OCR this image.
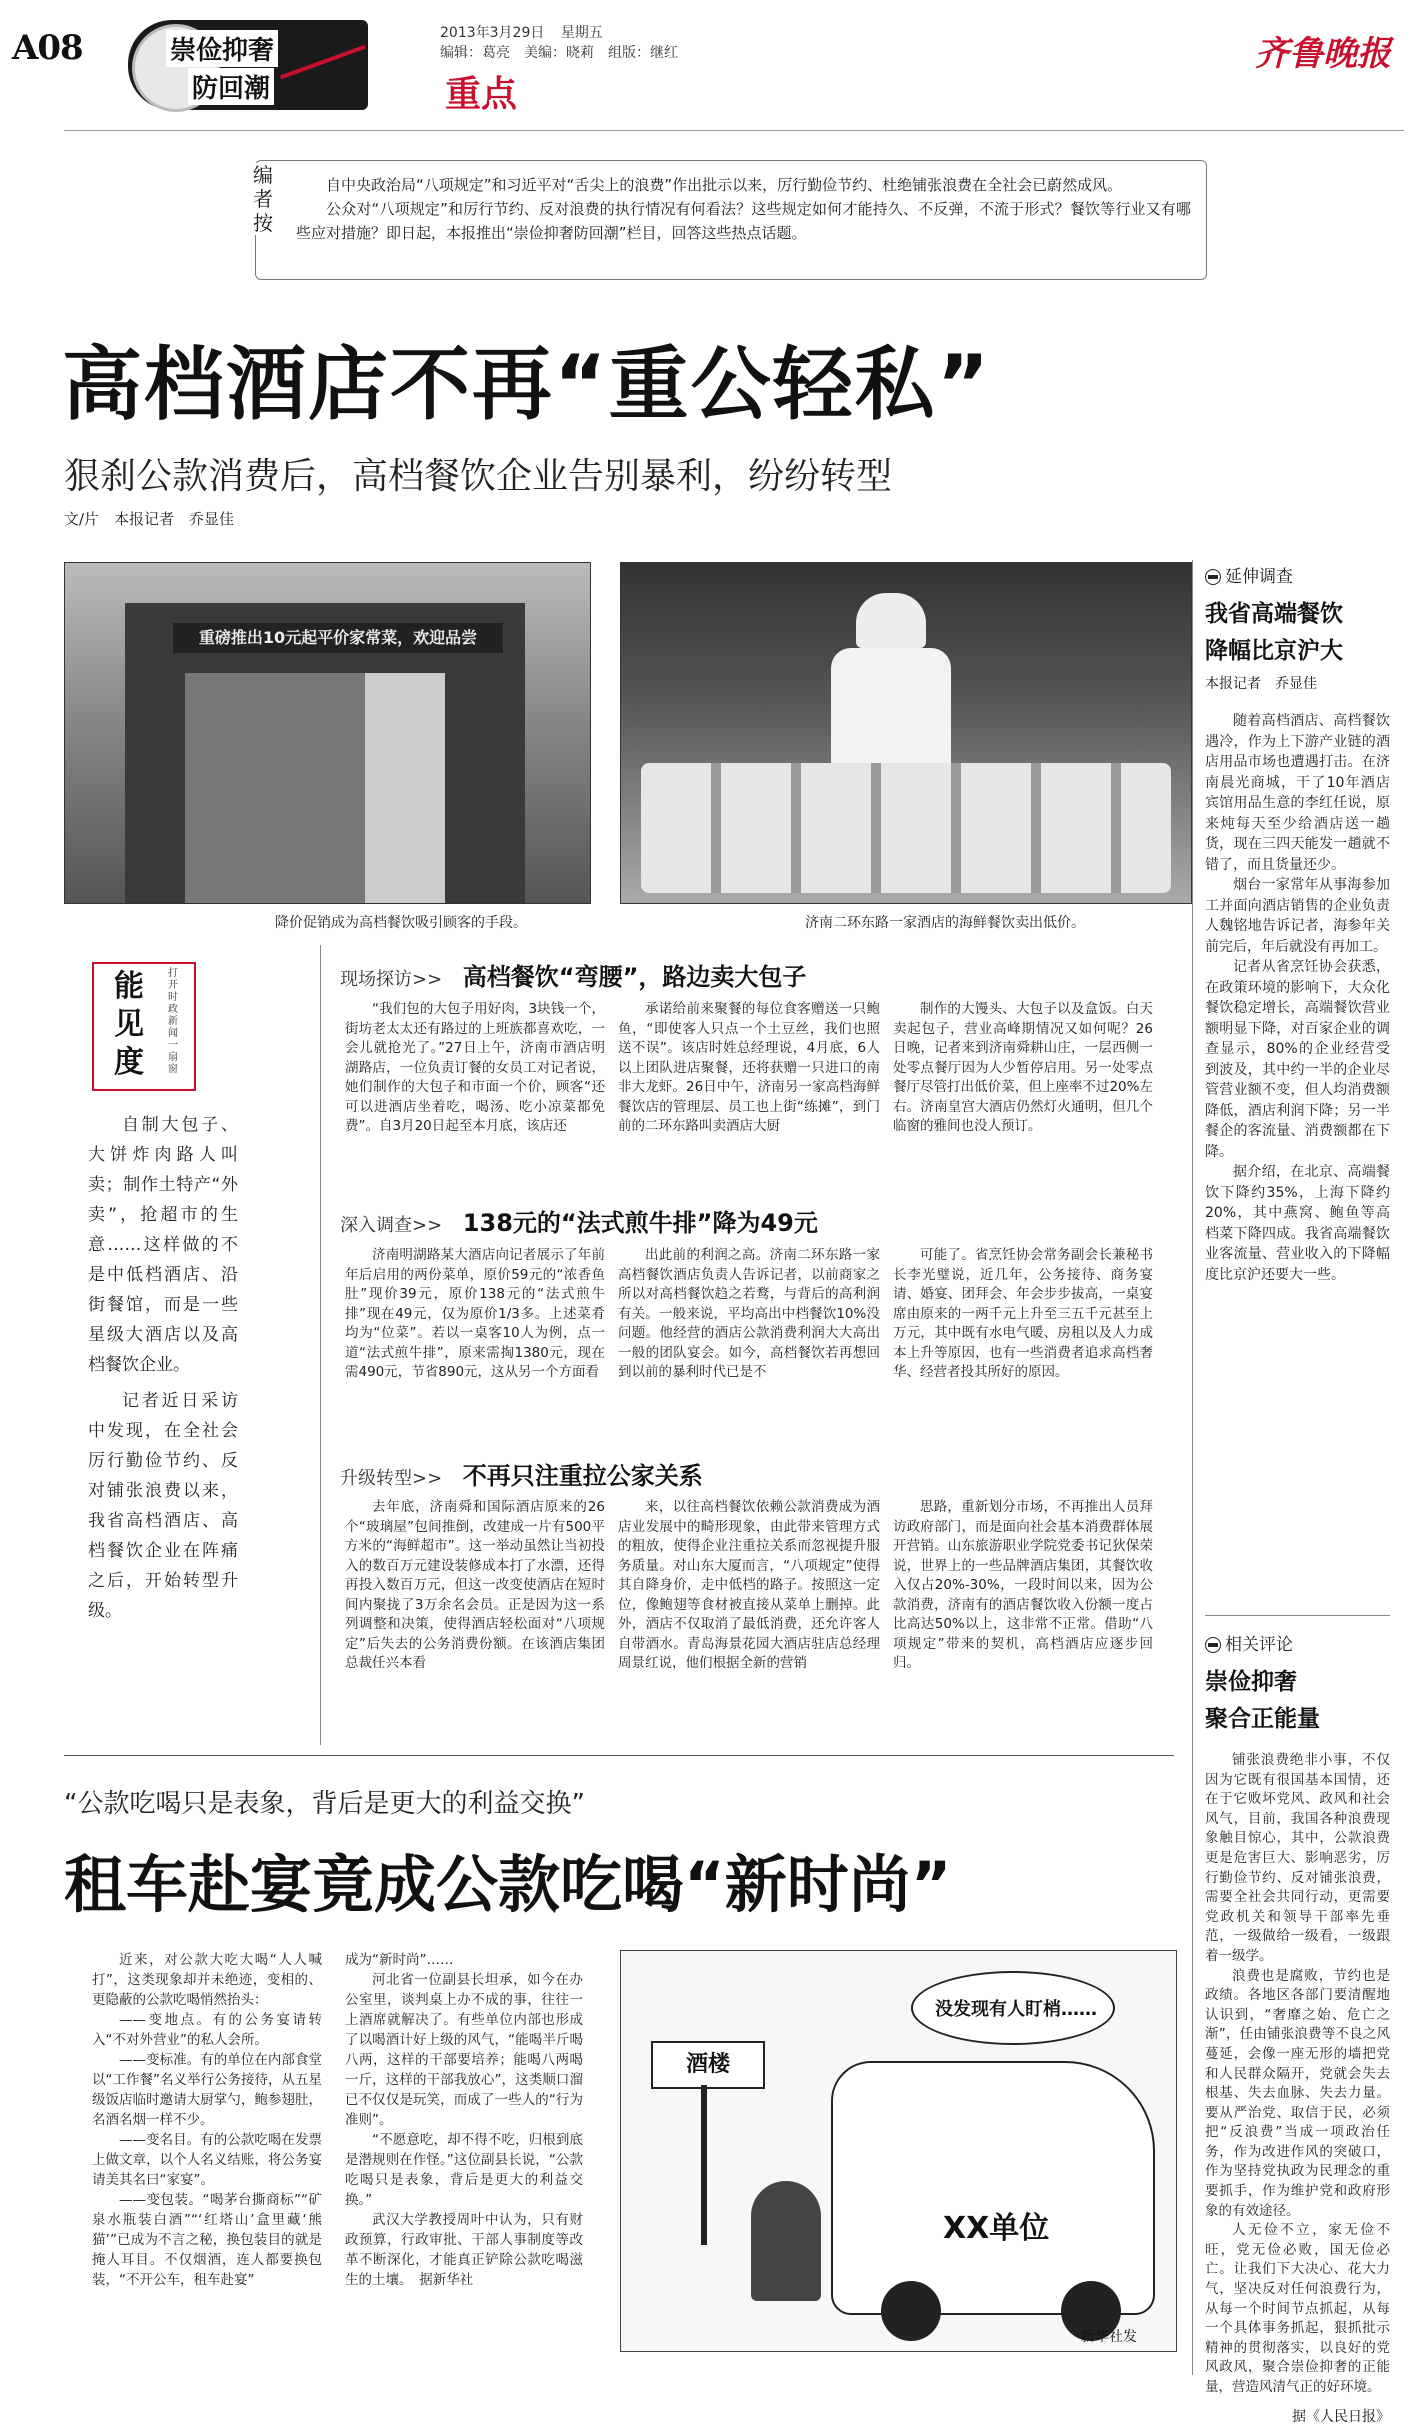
A08	崇俭抑奢
防回潮
2013年3月29日 星期五
编辑：葛亮　美编：晓莉　组版：继红
重点
齐鲁晚报
编者按

自中央政治局“八项规定”和习近平对“舌尖上的浪费”作出批示以来，厉行勤俭节约、杜绝铺张浪费在全社会已蔚然成风。

公众对“八项规定”和厉行节约、反对浪费的执行情况有何看法？这些规定如何才能持久、不反弹，不流于形式？餐饮等行业又有哪些应对措施？即日起，本报推出“崇俭抑奢防回潮”栏目，回答这些热点话题。

高档酒店不再“重公轻私”
狠刹公款消费后，高档餐饮企业告别暴利，纷纷转型
文/片　本报记者　乔显佳
重磅推出10元起平价家常菜，欢迎品尝
降价促销成为高档餐饮吸引顾客的手段。	济南二环东路一家酒店的海鲜餐饮卖出低价。
能见度
打开时政新闻一扇窗

自制大包子、大饼炸肉路人叫卖；制作土特产“外卖”，抢超市的生意……这样做的不是中低档酒店、沿街餐馆，而是一些星级大酒店以及高档餐饮企业。

记者近日采访中发现，在全社会厉行勤俭节约、反对铺张浪费以来，我省高档酒店、高档餐饮企业在阵痛之后，开始转型升级。

现场探访>> 高档餐饮“弯腰”，路边卖大包子

“我们包的大包子用好肉，3块钱一个，街坊老太太还有路过的上班族都喜欢吃，一会儿就抢光了。”27日上午，济南市酒店明湖路店，一位负责订餐的女员工对记者说，她们制作的大包子和市面一个价，顾客“还可以进酒店坐着吃，喝汤、吃小凉菜都免费”。自3月20日起至本月底，该店还

承诺给前来聚餐的每位食客赠送一只鲍鱼，“即使客人只点一个土豆丝，我们也照送不误”。该店时姓总经理说，4月底，6人以上团队进店聚餐，还将获赠一只进口的南非大龙虾。26日中午，济南另一家高档海鲜餐饮店的管理层、员工也上街“练摊”，到门前的二环东路叫卖酒店大厨

制作的大馒头、大包子以及盒饭。白天卖起包子，营业高峰期情况又如何呢？26日晚，记者来到济南舜耕山庄，一层西侧一处零点餐厅因为人少暂停启用。另一处零点餐厅尽管打出低价菜，但上座率不过20%左右。济南皇宫大酒店仍然灯火通明，但几个临窗的雅间也没人预订。

深入调查>> 138元的“法式煎牛排”降为49元

济南明湖路某大酒店向记者展示了年前年后启用的两份菜单，原价59元的“浓香鱼肚”现价39元，原价138元的“法式煎牛排”现在49元，仅为原价1/3多。上述菜肴均为“位菜”。若以一桌客10人为例，点一道“法式煎牛排”，原来需掏1380元，现在需490元，节省890元，这从另一个方面看

出此前的利润之高。济南二环东路一家高档餐饮酒店负责人告诉记者，以前商家之所以对高档餐饮趋之若鹜，与背后的高利润有关。一般来说，平均高出中档餐饮10%没问题。他经营的酒店公款消费利润大大高出一般的团队宴会。如今，高档餐饮若再想回到以前的暴利时代已是不

可能了。省烹饪协会常务副会长兼秘书长李光璧说，近几年，公务接待、商务宴请、婚宴、团拜会、年会步步拔高，一桌宴席由原来的一两千元上升至三五千元甚至上万元，其中既有水电气暖、房租以及人力成本上升等原因，也有一些消费者追求高档奢华、经营者投其所好的原因。

升级转型>> 不再只注重拉公家关系

去年底，济南舜和国际酒店原来的26个“玻璃屋”包间推倒，改建成一片有500平方米的“海鲜超市”。这一举动虽然让当初投入的数百万元建设装修成本打了水漂，还得再投入数百万元，但这一改变使酒店在短时间内聚拢了3万余名会员。正是因为这一系列调整和决策，使得酒店轻松面对“八项规定”后失去的公务消费份额。在该酒店集团总裁任兴本看

来，以往高档餐饮依赖公款消费成为酒店业发展中的畸形现象，由此带来管理方式的粗放，使得企业注重拉关系而忽视提升服务质量。对山东大厦而言，“八项规定”使得其自降身价，走中低档的路子。按照这一定位，像鲍翅等食材被直接从菜单上删掉。此外，酒店不仅取消了最低消费，还允许客人自带酒水。青岛海景花园大酒店驻店总经理周景红说，他们根据全新的营销

思路，重新划分市场，不再推出人员拜访政府部门，而是面向社会基本消费群体展开营销。山东旅游职业学院党委书记狄保荣说，世界上的一些品牌酒店集团，其餐饮收入仅占20%-30%，一段时间以来，因为公款消费，济南有的酒店餐饮收入份额一度占比高达50%以上，这非常不正常。借助“八项规定”带来的契机，高档酒店应逐步回归。

延伸调查
我省高端餐饮
降幅比京沪大
本报记者　乔显佳

随着高档酒店、高档餐饮遇冷，作为上下游产业链的酒店用品市场也遭遇打击。在济南晨光商城，干了10年酒店宾馆用品生意的李红任说，原来炖每天至少给酒店送一趟货，现在三四天能发一趟就不错了，而且货量还少。

烟台一家常年从事海参加工并面向酒店销售的企业负责人魏铭地告诉记者，海参年关前完后，年后就没有再加工。

记者从省烹饪协会获悉，在政策环境的影响下，大众化餐饮稳定增长，高端餐饮营业额明显下降，对百家企业的调查显示，80%的企业经营受到波及，其中约一半的企业尽管营业额不变，但人均消费额降低，酒店利润下降；另一半餐企的客流量、消费额都在下降。

据介绍，在北京、高端餐饮下降约35%，上海下降约20%，其中燕窝、鲍鱼等高档菜下降四成。我省高端餐饮业客流量、营业收入的下降幅度比京沪还要大一些。

相关评论
崇俭抑奢
聚合正能量

铺张浪费绝非小事，不仅因为它既有很国基本国情，还在于它败坏党风、政风和社会风气，目前，我国各种浪费现象触目惊心，其中，公款浪费更是危害巨大、影响恶劣，厉行勤俭节约、反对铺张浪费，需要全社会共同行动，更需要党政机关和领导干部率先垂范，一级做给一级看，一级跟着一级学。

浪费也是腐败，节约也是政绩。各地区各部门要清醒地认识到，“奢靡之始、危亡之渐”，任由铺张浪费等不良之风蔓延，会像一座无形的墙把党和人民群众隔开，党就会失去根基、失去血脉、失去力量。要从严治党、取信于民，必须把“反浪费”当成一项政治任务，作为改进作风的突破口，作为坚持党执政为民理念的重要抓手，作为维护党和政府形象的有效途径。

人无俭不立，家无俭不旺，党无俭必败，国无俭必亡。让我们下大决心、花大力气，坚决反对任何浪费行为，从每一个时间节点抓起，从每一个具体事务抓起，狠抓批示精神的贯彻落实，以良好的党风政风，聚合崇俭抑奢的正能量，营造风清气正的好环境。

据《人民日报》
“公款吃喝只是表象，背后是更大的利益交换”
租车赴宴竟成公款吃喝“新时尚”

近来，对公款大吃大喝“人人喊打”，这类现象却并未绝迹，变相的、更隐蔽的公款吃喝悄然抬头：

——变地点。有的公务宴请转入“不对外营业”的私人会所。

——变标准。有的单位在内部食堂以“工作餐”名义举行公务接待，从五星级饭店临时邀请大厨掌勺，鲍参翅肚，名酒名烟一样不少。

——变名目。有的公款吃喝在发票上做文章，以个人名义结账，将公务宴请美其名曰“家宴”。

——变包装。“喝茅台撕商标”“矿泉水瓶装白酒”“‘红塔山’盒里藏‘熊猫’”已成为不言之秘，换包装目的就是掩人耳目。不仅烟酒，连人都要换包装，“不开公车，租车赴宴”

成为“新时尚”……

河北省一位副县长坦承，如今在办公室里，谈判桌上办不成的事，往往一上酒席就解决了。有些单位内部也形成了以喝酒计好上级的风气，“能喝半斤喝八两，这样的干部要培养；能喝八两喝一斤，这样的干部我放心”，这类顺口溜已不仅仅是玩笑，而成了一些人的“行为准则”。

“不愿意吃，却不得不吃，归根到底是潜规则在作怪。”这位副县长说，“公款吃喝只是表象，背后是更大的利益交换。”

武汉大学教授周叶中认为，只有财政预算，行政审批、干部人事制度等改革不断深化，才能真正铲除公款吃喝滋生的土壤。　据新华社

没发现有人盯梢……
酒楼
XX单位
新华社发
